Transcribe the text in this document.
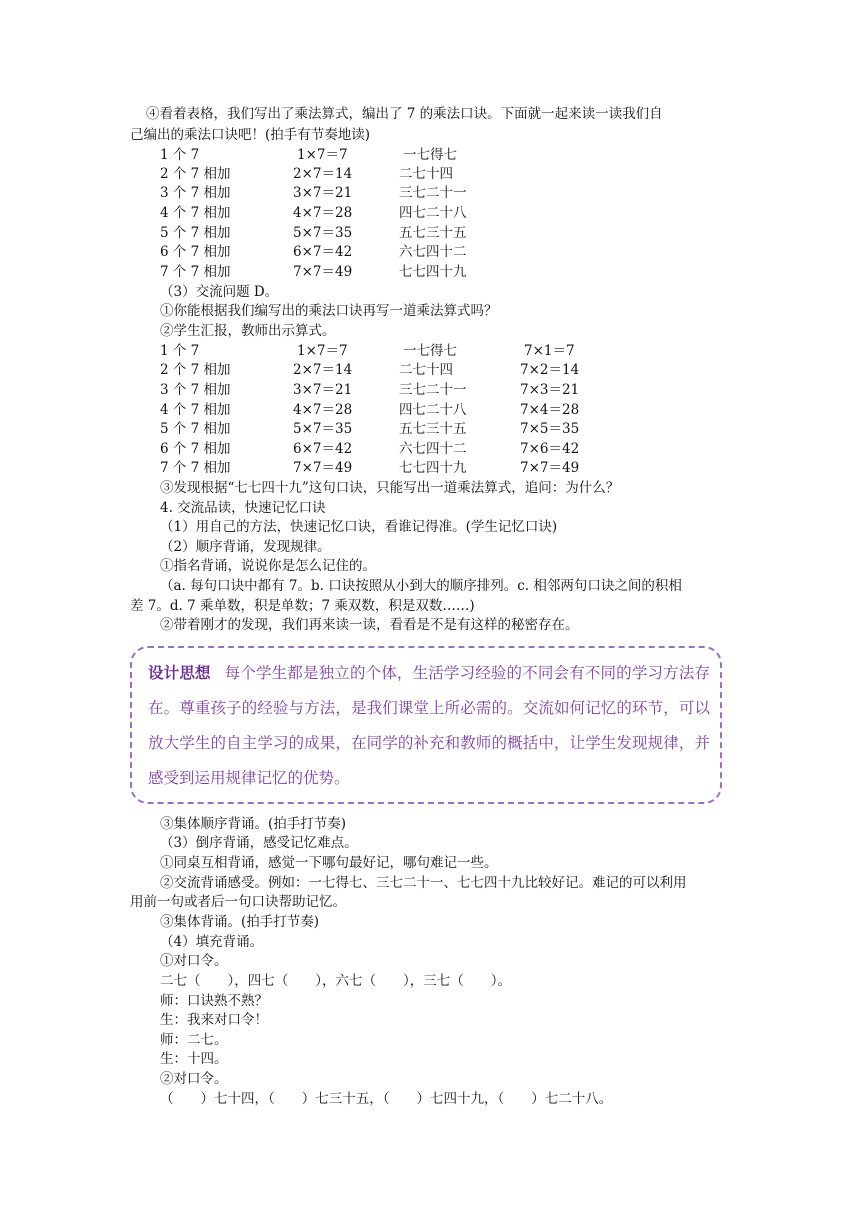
④看着表格，我们写出了乘法算式，编出了 7 的乘法口诀。下面就一起来读一读我们自
己编出的乘法口诀吧！(拍手有节奏地读)
1 个 7	1×7＝7	一七得七
2 个 7 相加	2×7＝14	二七十四
3 个 7 相加	3×7＝21	三七二十一
4 个 7 相加	4×7＝28	四七二十八
5 个 7 相加	5×7＝35	五七三十五
6 个 7 相加	6×7＝42	六七四十二
7 个 7 相加	7×7＝49	七七四十九
（3）交流问题 D。
①你能根据我们编写出的乘法口诀再写一道乘法算式吗？
②学生汇报，教师出示算式。
1 个 7	1×7＝7	一七得七	7×1＝7
2 个 7 相加	2×7＝14	二七十四	7×2＝14
3 个 7 相加	3×7＝21	三七二十一	7×3＝21
4 个 7 相加	4×7＝28	四七二十八	7×4＝28
5 个 7 相加	5×7＝35	五七三十五	7×5＝35
6 个 7 相加	6×7＝42	六七四十二	7×6＝42
7 个 7 相加	7×7＝49	七七四十九	7×7＝49
③发现根据“七七四十九”这句口诀，只能写出一道乘法算式，追问：为什么？
4. 交流品读，快速记忆口诀
（1）用自己的方法，快速记忆口诀，看谁记得准。(学生记忆口诀)
（2）顺序背诵，发现规律。
①指名背诵，说说你是怎么记住的。
（a. 每句口诀中都有 7。b. 口诀按照从小到大的顺序排列。c. 相邻两句口诀之间的积相
差 7。d. 7 乘单数，积是单数；7 乘双数，积是双数……)
②带着刚才的发现，我们再来读一读，看看是不是有这样的秘密存在。
设计思想 每个学生都是独立的个体，生活学习经验的不同会有不同的学习方法存在。尊重孩子的经验与方法，是我们课堂上所必需的。交流如何记忆的环节，可以放大学生的自主学习的成果，在同学的补充和教师的概括中，让学生发现规律，并感受到运用规律记忆的优势。
③集体顺序背诵。(拍手打节奏)
（3）倒序背诵，感受记忆难点。
①同桌互相背诵，感觉一下哪句最好记，哪句难记一些。
②交流背诵感受。例如：一七得七、三七二十一、七七四十九比较好记。难记的可以利用
用前一句或者后一句口诀帮助记忆。
③集体背诵。(拍手打节奏)
（4）填充背诵。
①对口令。
二七（　　），四七（　　），六七（　　），三七（　　）。
师：口诀熟不熟？
生：我来对口令！
师：二七。
生：十四。
②对口令。
（　　）七十四，（　　）七三十五，（　　）七四十九，（　　）七二十八。
